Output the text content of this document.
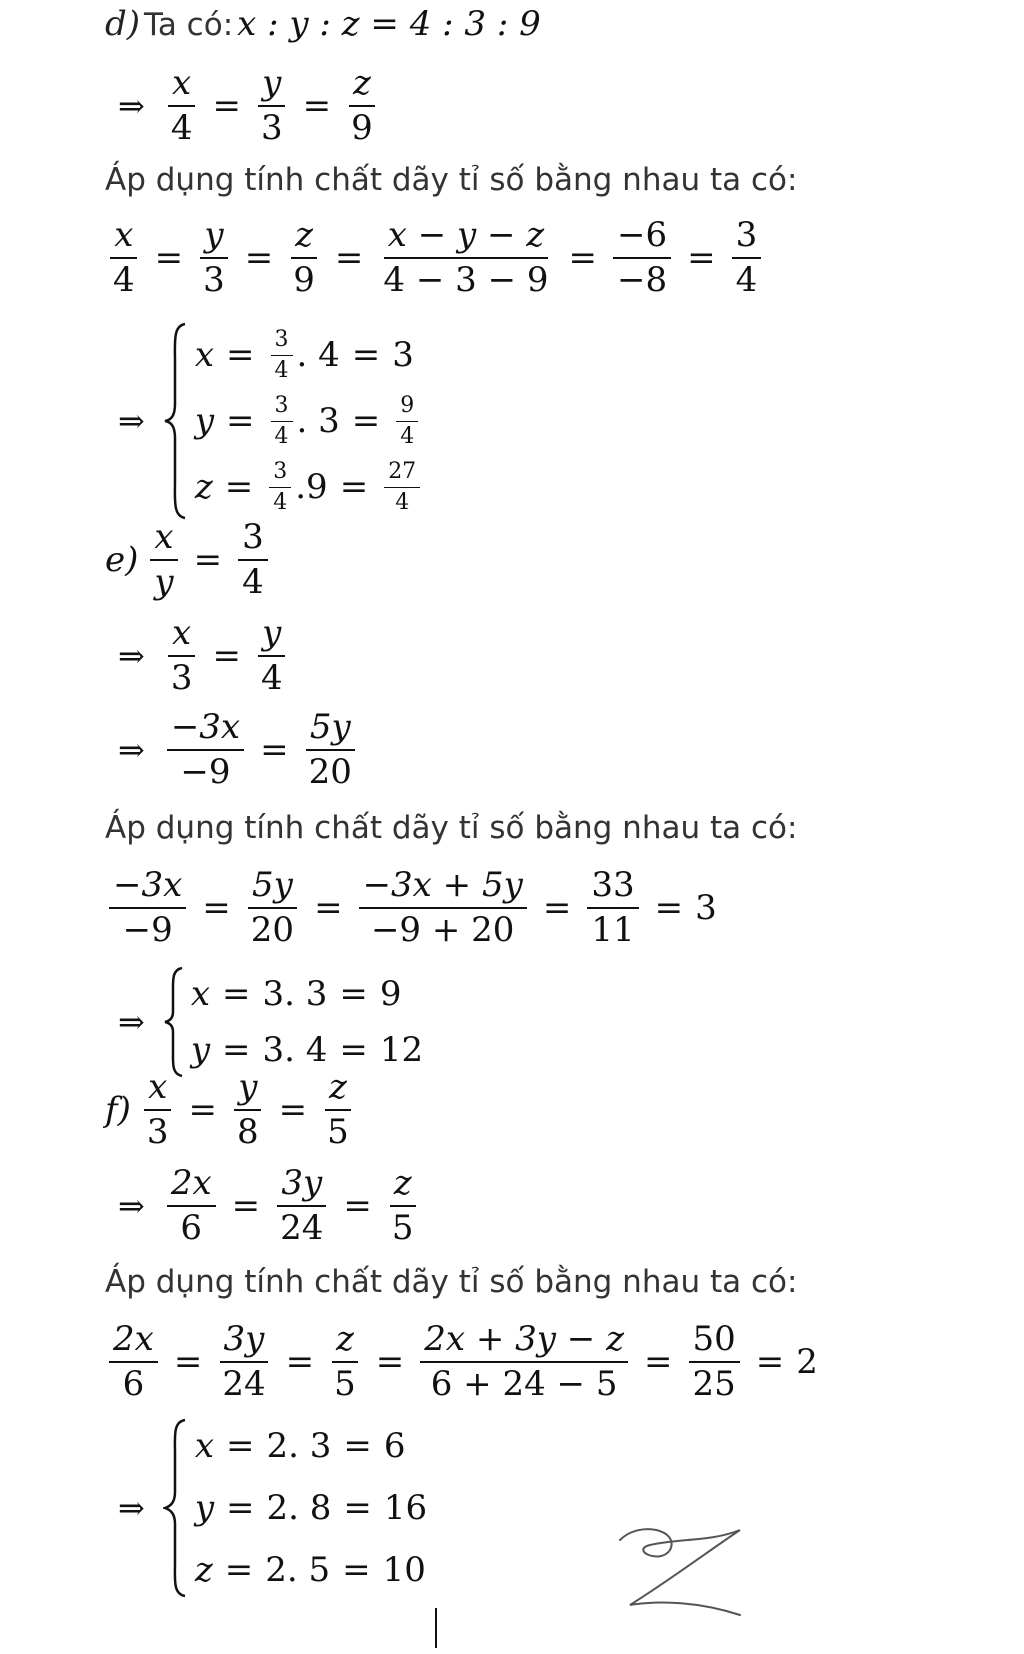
d) Ta có: x : y : z = 4 : 3 : 9
⇒ $\frac{x}{4} = \frac{y}{3} = \frac{z}{9}$
Áp dụng tính chất dãy tỉ số bằng nhau ta có:
$\frac{x}{4} = \frac{y}{3} = \frac{z}{9} = \frac{x - y - z}{4 - 3 - 9} = \frac{-6}{-8} = \frac{3}{4}$
⇒
$x = \frac{3}{4}$ . 4 = 3
$y = \frac{3}{4}$ . $3 = \frac{9}{4}$
$z = \frac{3}{4} .9 = \frac{27}{4}$
$e) \frac{x}{y} = \frac{3}{4}$
⇒ $\frac{x}{3} = \frac{y}{4}$
⇒ $\frac{-3x}{-9} = \frac{5y}{20}$
Áp dụng tính chất dãy tỉ số bằng nhau ta có:
$\frac{-3x}{-9} = \frac{5y}{20} = \frac{-3x + 5y}{-9 + 20} = \frac{33}{11} = 3$
⇒
x = 3. 3 = 9
y = 3. 4 = 12
$f) \frac{x}{3} = \frac{y}{8} = \frac{z}{5}$
⇒ $\frac{2x}{6} = \frac{3y}{24} = \frac{z}{5}$
Áp dụng tính chất dãy tỉ số bằng nhau ta có:
$\frac{2x}{6} = \frac{3y}{24} = \frac{z}{5} = \frac{2x + 3y - z}{6 + 24 - 5} = \frac{50}{25} = 2$
⇒
x = 2. 3 = 6
y = 2. 8 = 16
z = 2. 5 = 10
